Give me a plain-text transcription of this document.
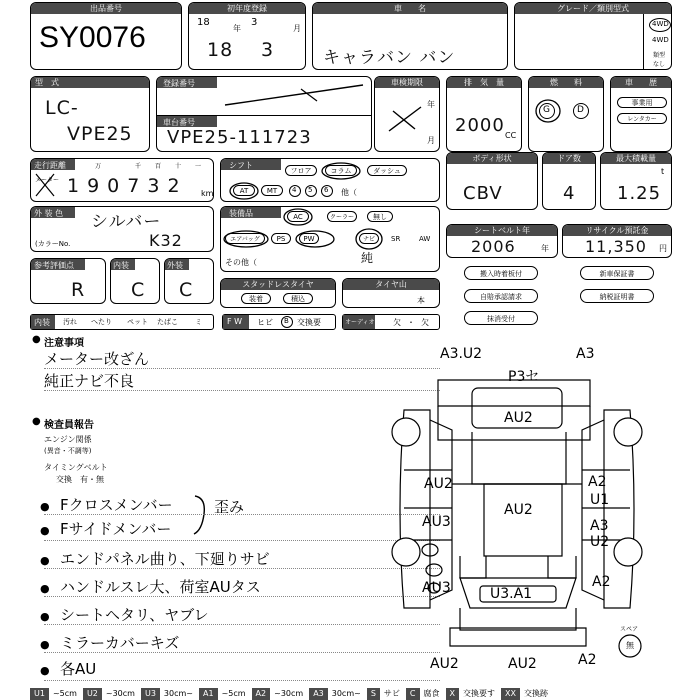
出品番号
SY0076
初年度登録
18
年
3
月
18 3
車　　名
キャラバン バン
グレード／類別型式
4WD
4WD
類型
なし
型　式
LC-
VPE25
登録番号
車台番号
VPE25-111723
車検期限
年
月
排　気　量
2000 CC
燃　　料
G	D
車　　歴
事業用
レンタカー
走行距離
メーター
万	千 百 十 一
190732 km
シフト
フロア	コラム	ダッシュ
AT	MT	4 5 6 他（
ボディ形状
CBV
ドア数
4
最大積載量
t
1.25
外 装 色 シルバー
(カラーNo.	K32
装備品	AC	クーラー	無し
エアバッグ	PS	PW	ナビ
純
SR	AW
その他（
シートベルト年
2006	年
リサイクル預託金
11,350 円
参考評価点
R
内装
C
外装
C	スタッドレスタイヤ
装着	積込
タイヤ山
本
搬入時着板付	新車保証書
自賠承認請求	納税証明書
抹消受付
内装 汚れ へたり ペット たばこ ミ	F W ヒビ B 交換要	オーディオ 欠 ・ 欠
● 注意事項
メーター改ざん
純正ナビ不良
● 検査員報告
エンジン関係
(異音・不調等)
タイミングベルト
交換　有・無
● Fクロスメンバー
● Fサイドメンバー
歪み
● エンドパネル曲り、下廻りサビ
● ハンドルスレ大、荷室AUタス
● シートヘタリ、ヤブレ
● ミラーカバーキズ
● 各AU
A3.U2	A3
P3セ
AU2
AU2
AU3
AU3
AU2
A2
U1
A3
U2
A2
U3.A1
AU2	AU2	A2
スペア
無
U1	~5cm	U2	~30cm	U3	30cm~	A1	~5cm	A2	~30cm	A3	30cm~	S	サビ	C	腐食	X	交換要す	XX	交換跡
